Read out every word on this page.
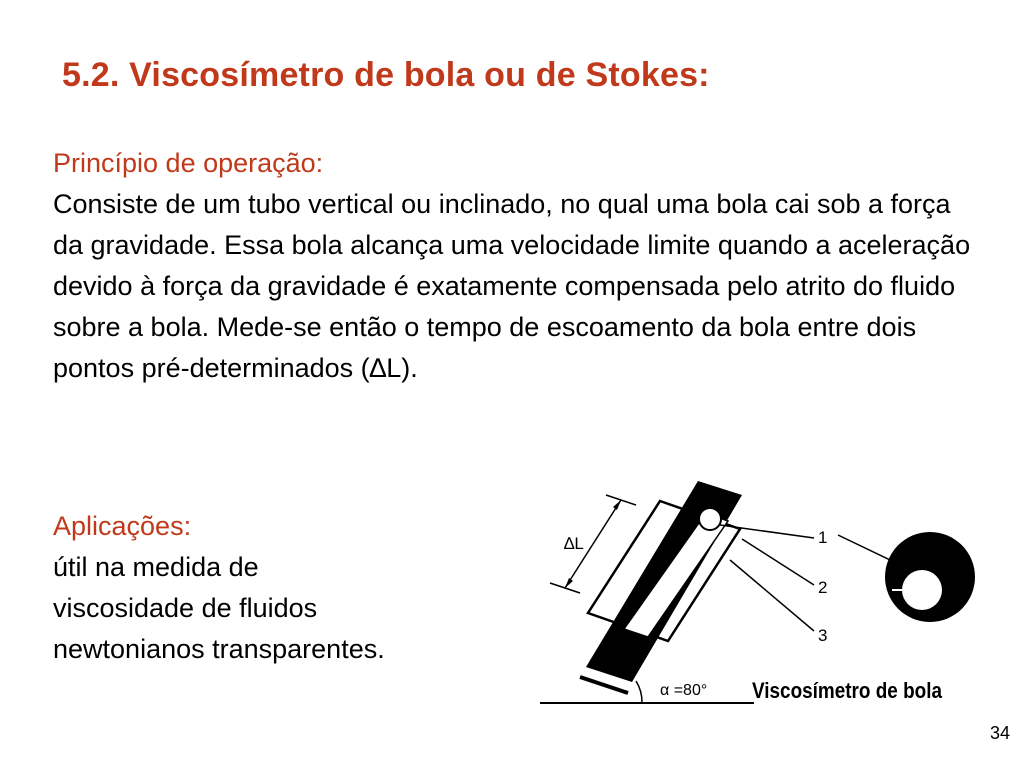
5.2. Viscosímetro de bola ou de Stokes:
Princípio de operação:
Consiste de um tubo vertical ou inclinado, no qual uma bola cai sob a força da gravidade. Essa bola alcança uma velocidade limite quando a aceleração devido à força da gravidade é exatamente compensada pelo atrito do fluido sobre a bola. Mede-se então o tempo de escoamento da bola entre dois pontos pré-determinados (∆L).
Aplicações:
útil na medida de
viscosidade de fluidos
newtonianos transparentes.
∆L	1
2
3
α =80° Viscosímetro de bola
34
